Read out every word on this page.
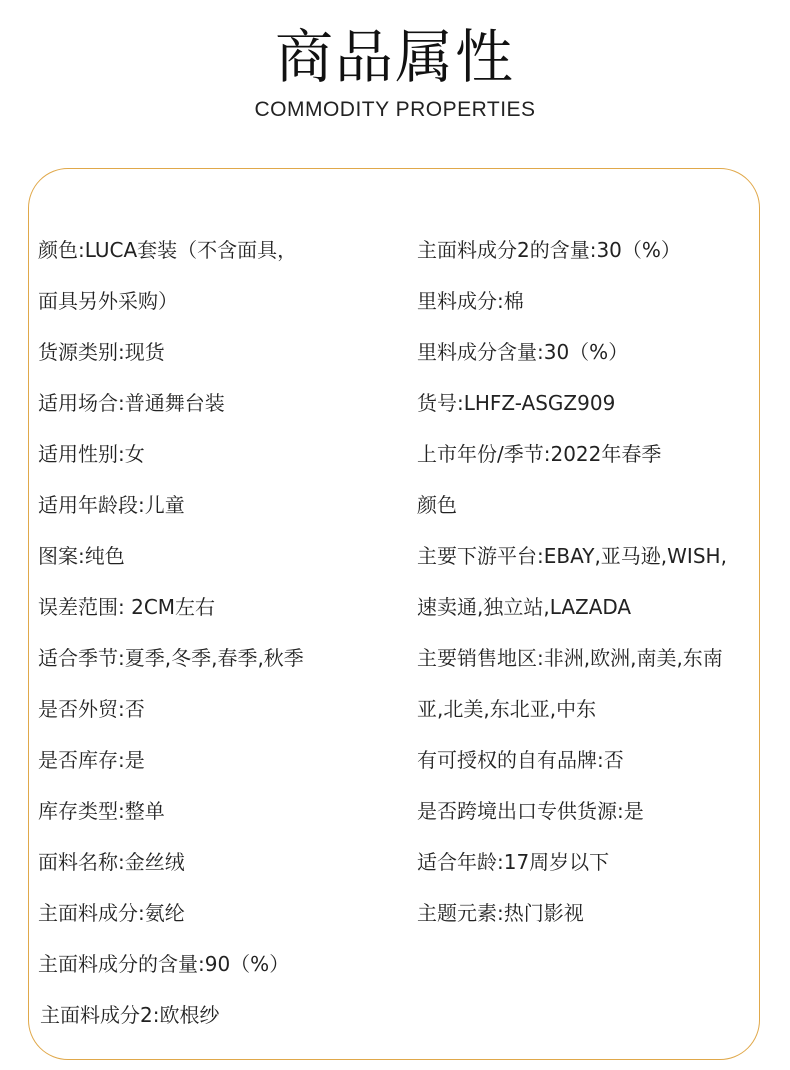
商品属性
COMMODITY PROPERTIES
颜色:LUCA套装（不含面具，
面具另外采购）
货源类别:现货
适用场合:普通舞台装
适用性别:女
适用年龄段:儿童
图案:纯色
误差范围: 2CM左右
适合季节:夏季,冬季,春季,秋季
是否外贸:否
是否库存:是
库存类型:整单
面料名称:金丝绒
主面料成分:氨纶
主面料成分的含量:90（%）
主面料成分2:欧根纱
主面料成分2的含量:30（%）
里料成分:棉
里料成分含量:30（%）
货号:LHFZ-ASGZ909
上市年份/季节:2022年春季
颜色
主要下游平台:EBAY,亚马逊,WISH,
速卖通,独立站,LAZADA
主要销售地区:非洲,欧洲,南美,东南
亚,北美,东北亚,中东
有可授权的自有品牌:否
是否跨境出口专供货源:是
适合年龄:17周岁以下
主题元素:热门影视
